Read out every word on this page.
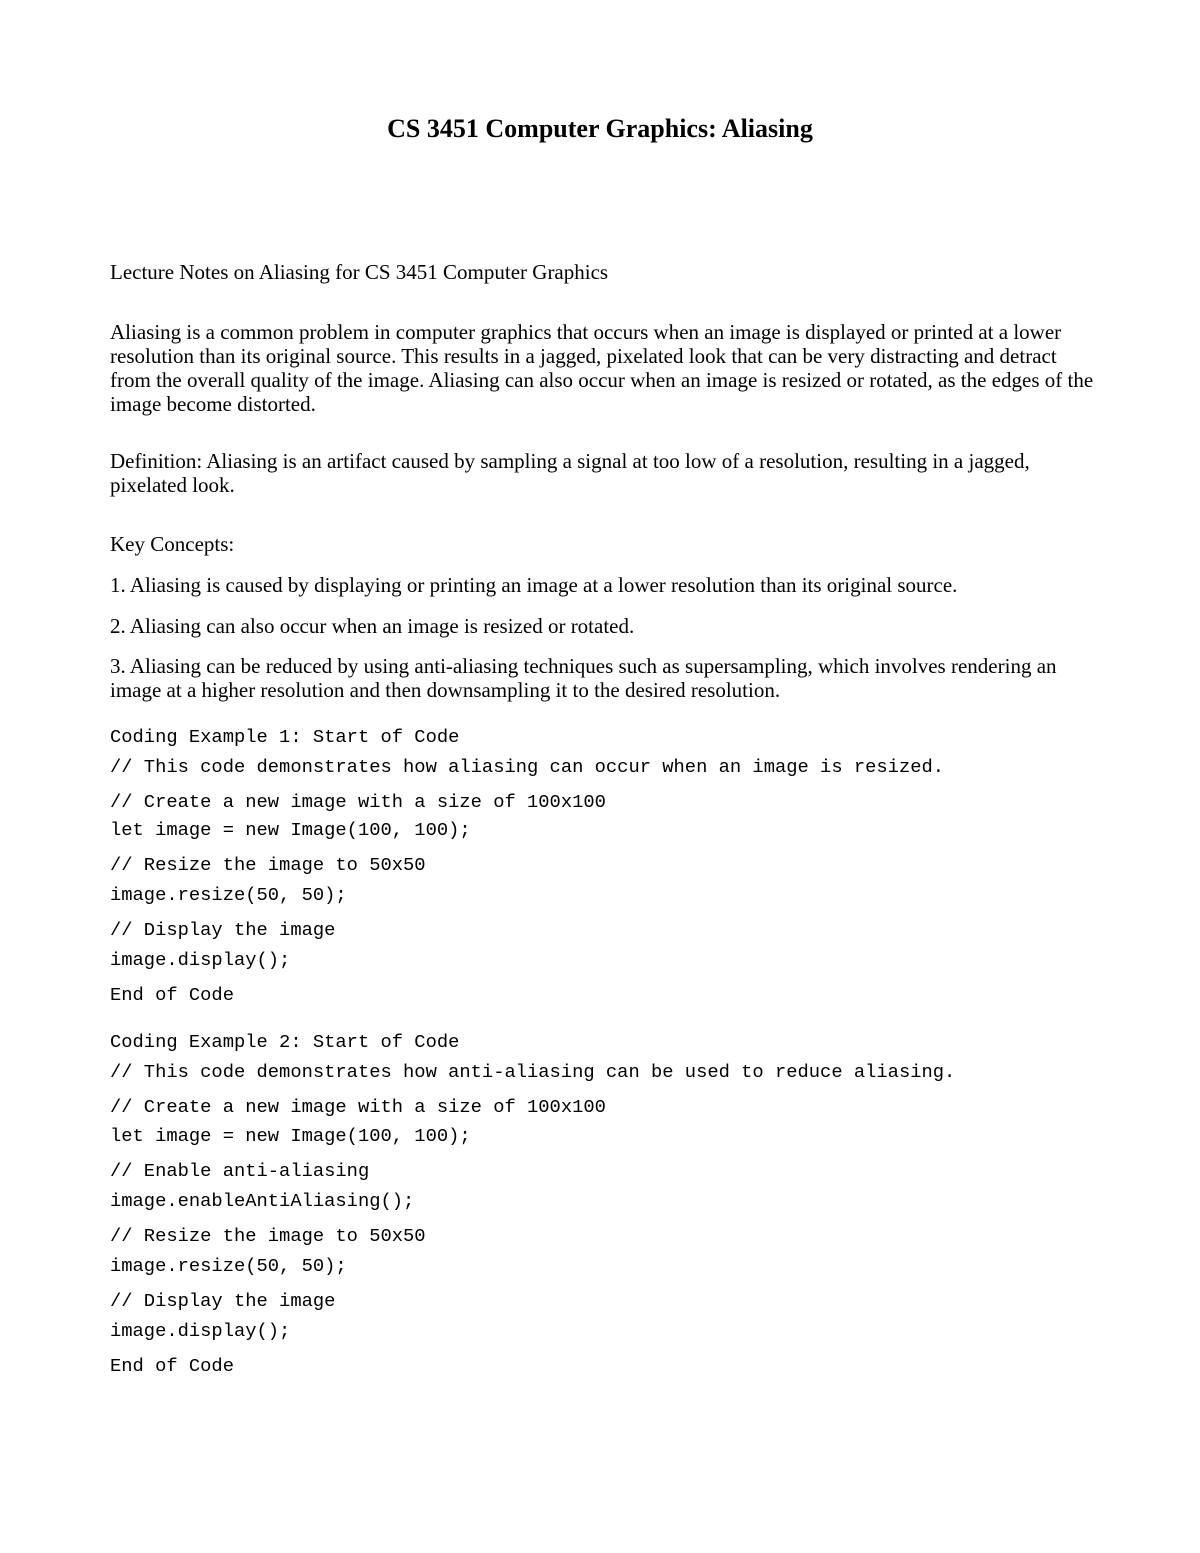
CS 3451 Computer Graphics: Aliasing

Lecture Notes on Aliasing for CS 3451 Computer Graphics

Aliasing is a common problem in computer graphics that occurs when an image is displayed or printed at a lower resolution than its original source. This results in a jagged, pixelated look that can be very distracting and detract from the overall quality of the image. Aliasing can also occur when an image is resized or rotated, as the edges of the image become distorted.

Definition: Aliasing is an artifact caused by sampling a signal at too low of a resolution, resulting in a jagged, pixelated look.

Key Concepts:

1. Aliasing is caused by displaying or printing an image at a lower resolution than its original source.

2. Aliasing can also occur when an image is resized or rotated.

3. Aliasing can be reduced by using anti-aliasing techniques such as supersampling, which involves rendering an image at a higher resolution and then downsampling it to the desired resolution.

Coding Example 1: Start of Code
// This code demonstrates how aliasing can occur when an image is resized.
// Create a new image with a size of 100x100
let image = new Image(100, 100);
// Resize the image to 50x50
image.resize(50, 50);
// Display the image
image.display();
End of Code
Coding Example 2: Start of Code
// This code demonstrates how anti-aliasing can be used to reduce aliasing.
// Create a new image with a size of 100x100
let image = new Image(100, 100);
// Enable anti-aliasing
image.enableAntiAliasing();
// Resize the image to 50x50
image.resize(50, 50);
// Display the image
image.display();
End of Code
